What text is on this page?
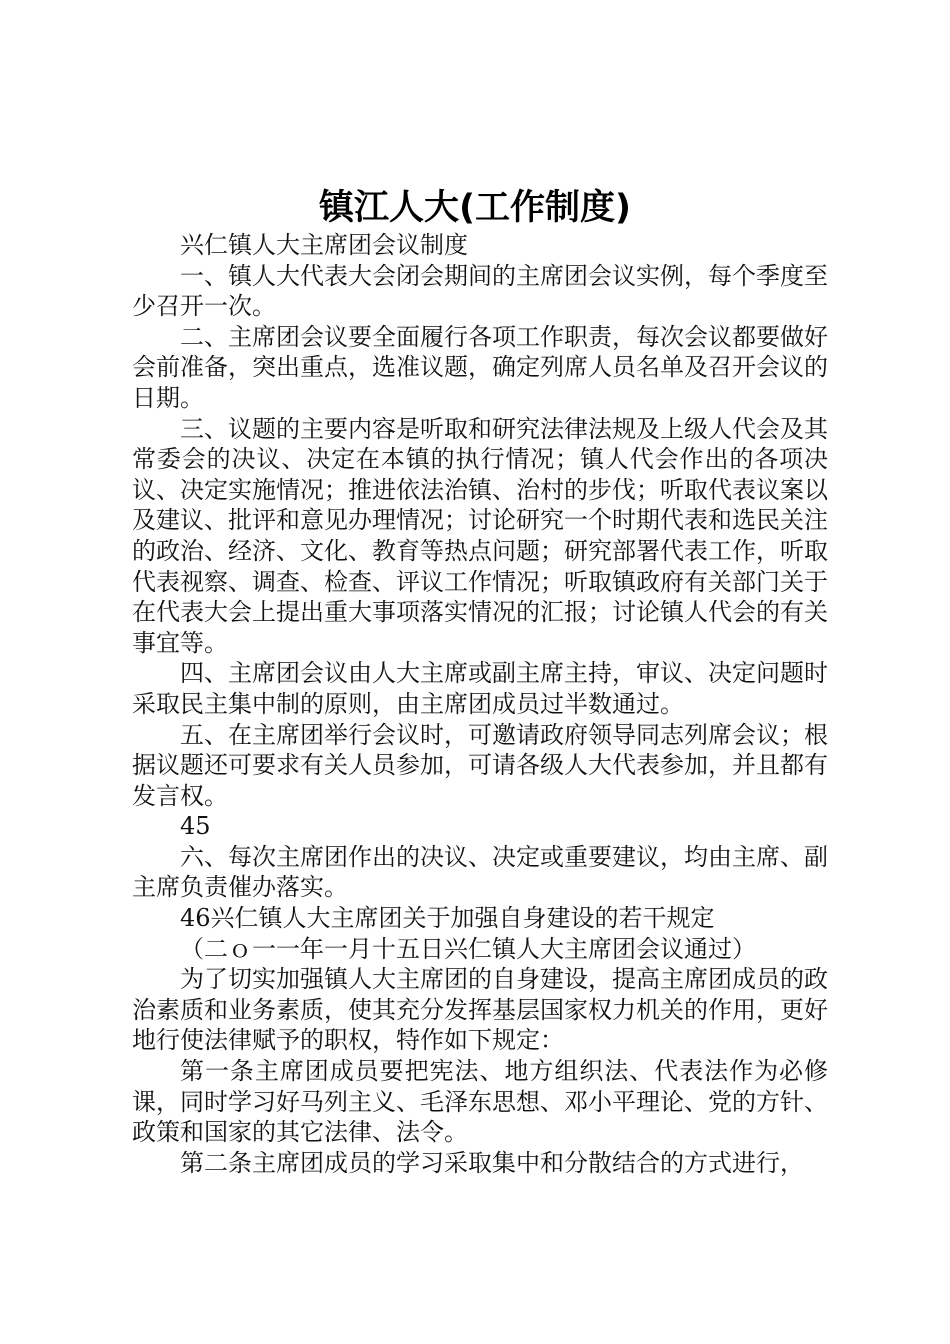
镇江人大(工作制度)

兴仁镇人大主席团会议制度

一、镇人大代表大会闭会期间的主席团会议实例，每个季度至少召开一次。

二、主席团会议要全面履行各项工作职责，每次会议都要做好会前准备，突出重点，选准议题，确定列席人员名单及召开会议的日期。

三、议题的主要内容是听取和研究法律法规及上级人代会及其常委会的决议、决定在本镇的执行情况；镇人代会作出的各项决议、决定实施情况；推进依法治镇、治村的步伐；听取代表议案以及建议、批评和意见办理情况；讨论研究一个时期代表和选民关注的政治、经济、文化、教育等热点问题；研究部署代表工作，听取代表视察、调查、检查、评议工作情况；听取镇政府有关部门关于在代表大会上提出重大事项落实情况的汇报；讨论镇人代会的有关事宜等。

四、主席团会议由人大主席或副主席主持，审议、决定问题时采取民主集中制的原则，由主席团成员过半数通过。

五、在主席团举行会议时，可邀请政府领导同志列席会议；根据议题还可要求有关人员参加，可请各级人大代表参加，并且都有发言权。

45

六、每次主席团作出的决议、决定或重要建议，均由主席、副主席负责催办落实。

46兴仁镇人大主席团关于加强自身建设的若干规定

（二ｏ一一年一月十五日兴仁镇人大主席团会议通过）

为了切实加强镇人大主席团的自身建设，提高主席团成员的政治素质和业务素质，使其充分发挥基层国家权力机关的作用，更好地行使法律赋予的职权，特作如下规定：

第一条主席团成员要把宪法、地方组织法、代表法作为必修课，同时学习好马列主义、毛泽东思想、邓小平理论、党的方针、政策和国家的其它法律、法令。

第二条主席团成员的学习采取集中和分散结合的方式进行，
